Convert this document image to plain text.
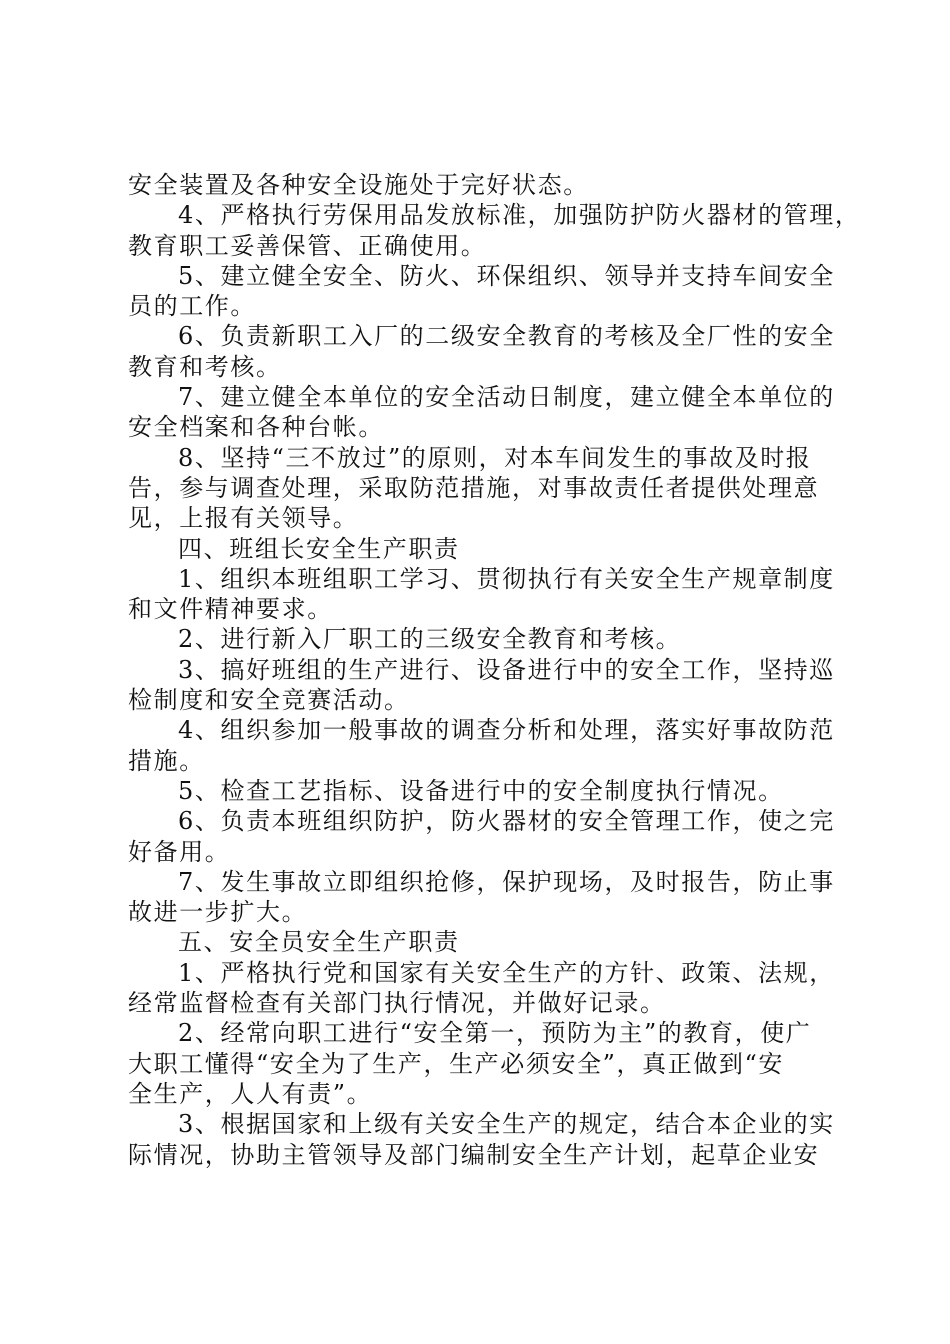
安全装置及各种安全设施处于完好状态。
4、严格执行劳保用品发放标准，加强防护防火器材的管理，
教育职工妥善保管、正确使用。
5、建立健全安全、防火、环保组织、领导并支持车间安全
员的工作。
6、负责新职工入厂的二级安全教育的考核及全厂性的安全
教育和考核。
7、建立健全本单位的安全活动日制度，建立健全本单位的
安全档案和各种台帐。
8、坚持“三不放过”的原则，对本车间发生的事故及时报
告，参与调查处理，采取防范措施，对事故责任者提供处理意
见，上报有关领导。
四、班组长安全生产职责
1、组织本班组职工学习、贯彻执行有关安全生产规章制度
和文件精神要求。
2、进行新入厂职工的三级安全教育和考核。
3、搞好班组的生产进行、设备进行中的安全工作，坚持巡
检制度和安全竞赛活动。
4、组织参加一般事故的调查分析和处理，落实好事故防范
措施。
5、检查工艺指标、设备进行中的安全制度执行情况。
6、负责本班组织防护，防火器材的安全管理工作，使之完
好备用。
7、发生事故立即组织抢修，保护现场，及时报告，防止事
故进一步扩大。
五、安全员安全生产职责
1、严格执行党和国家有关安全生产的方针、政策、法规，
经常监督检查有关部门执行情况，并做好记录。
2、经常向职工进行“安全第一，预防为主”的教育，使广
大职工懂得“安全为了生产，生产必须安全”，真正做到“安
全生产，人人有责”。
3、根据国家和上级有关安全生产的规定，结合本企业的实
际情况，协助主管领导及部门编制安全生产计划，起草企业安
